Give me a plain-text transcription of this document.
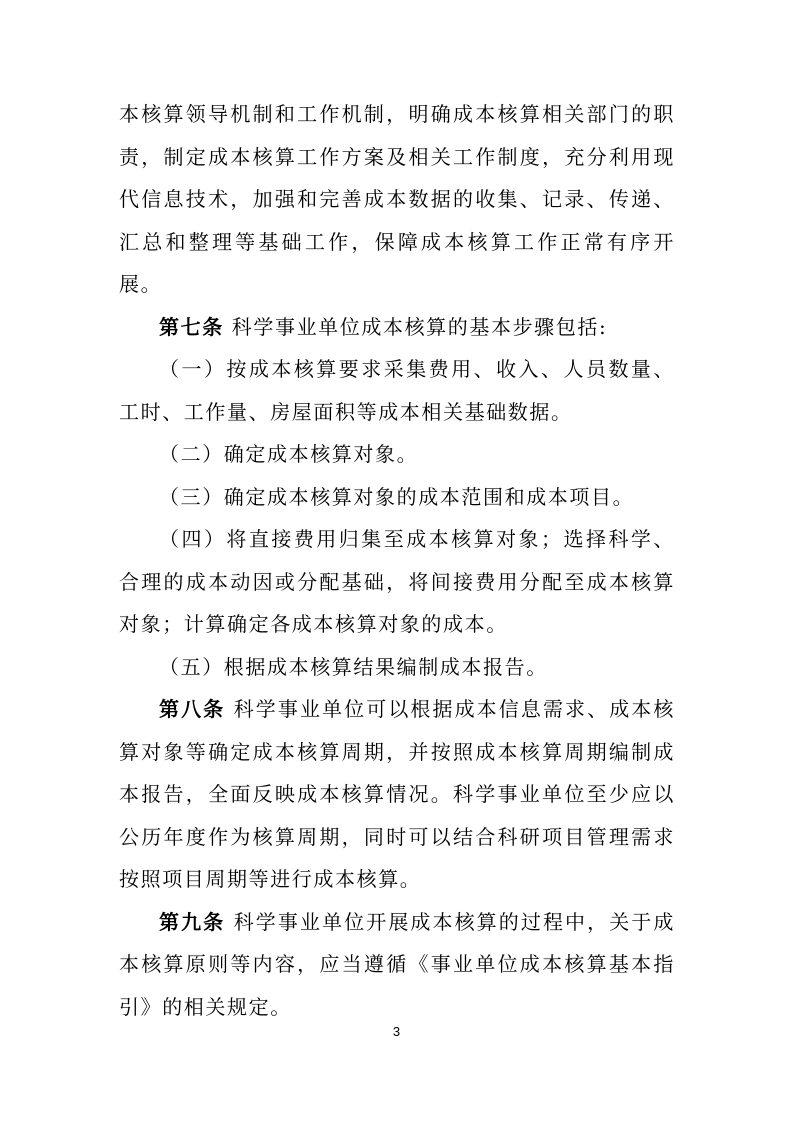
本核算领导机制和工作机制，明确成本核算相关部门的职责，制定成本核算工作方案及相关工作制度，充分利用现代信息技术，加强和完善成本数据的收集、记录、传递、汇总和整理等基础工作，保障成本核算工作正常有序开展。

第七条 科学事业单位成本核算的基本步骤包括:

（一）按成本核算要求采集费用、收入、人员数量、工时、工作量、房屋面积等成本相关基础数据。

（二）确定成本核算对象。

（三）确定成本核算对象的成本范围和成本项目。

（四）将直接费用归集至成本核算对象；选择科学、合理的成本动因或分配基础，将间接费用分配至成本核算对象；计算确定各成本核算对象的成本。

（五）根据成本核算结果编制成本报告。

第八条 科学事业单位可以根据成本信息需求、成本核算对象等确定成本核算周期，并按照成本核算周期编制成本报告，全面反映成本核算情况。科学事业单位至少应以公历年度作为核算周期，同时可以结合科研项目管理需求按照项目周期等进行成本核算。

第九条 科学事业单位开展成本核算的过程中，关于成本核算原则等内容，应当遵循《事业单位成本核算基本指引》的相关规定。

3
